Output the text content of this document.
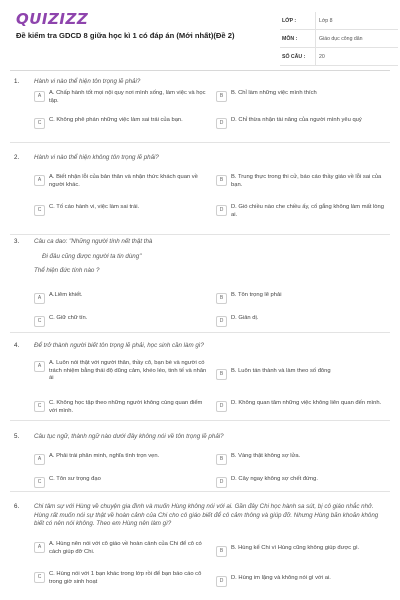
QUIZIZZ
Đề kiểm tra GDCD 8 giữa học kì 1 có đáp án (Mới nhất)(Đề 2)
LỚP :	Lớp 8
MÔN :	Giáo dục công dân
SỐ CÂU :	20
1. Hành vi nào thể hiện tôn trọng lẽ phải?
A	A. Chấp hành tốt mọi nội quy nơi mình sống, làm việc và học tập.
B	B. Chỉ làm những việc mình thích
C	C. Không phê phán những việc làm sai trái của bạn.	D	D. Chỉ thừa nhận tài năng của người mình yêu quý
2. Hành vi nào thể hiện không tôn trọng lẽ phải?
A	A. Biết nhận lỗi của bản thân và nhận thức khách quan về người khác.
B	B. Trung thực trong thi cử, báo cáo thầy giáo về lỗi sai của bạn.
C	C. Tố cáo hành vi, việc làm sai trái.	D	D. Gió chiều nào che chiều ấy, cố gắng không làm mất lòng ai.
3. Câu ca dao: "Những người tính nết thật thà
Đi đâu cũng được người ta tin dùng"
Thể hiện đức tính nào ?
A	A.Liêm khiết.	B	B. Tôn trọng lẽ phải
C	C. Giữ chữ tín.	D	D. Giản dị.
4. Để trở thành người biết tôn trọng lẽ phải, học sinh cần làm gì?
A	A. Luôn nói thật với người thân, thầy cô, bạn bè và người có trách nhiệm bằng thái độ dũng cảm, khéo léo, tinh tế và nhân ái
B	B. Luôn tán thành và làm theo số đông
C	C. Không học tập theo những người không cùng quan điểm với mình.
D	D. Không quan tâm những việc không liên quan đến mình.
5. Câu tục ngữ, thành ngữ nào dưới đây không nói về tôn trọng lẽ phải?
A	A. Phải trái phân minh, nghĩa tình trọn vẹn.	B	B. Vàng thật không sợ lửa.
C	C. Tôn sư trọng đạo	D	D. Cây ngay không sợ chết đứng.
6. Chi tâm sự với Hùng về chuyện gia đình và muốn Hùng không nói với ai. Gần đây Chi học hành sa sút, bị cô giáo nhắc nhở. Hùng rất muốn nói sự thật về hoàn cảnh của Chi cho cô giáo biết để cô cảm thông và giúp đỡ. Nhưng Hùng băn khoăn không biết có nên nói không. Theo em Hùng nên làm gì?
A	A. Hùng nên nói với cô giáo về hoàn cảnh của Chi để cô có cách giúp đỡ Chi.	B	B. Hùng kể Chi vì Hùng cũng không giúp được gì.
C	C. Hùng nói với 1 bạn khác trong lớp rồi để bạn báo cáo cô trong giờ sinh hoạt	D	D. Hùng im lặng và không nói gì với ai.
